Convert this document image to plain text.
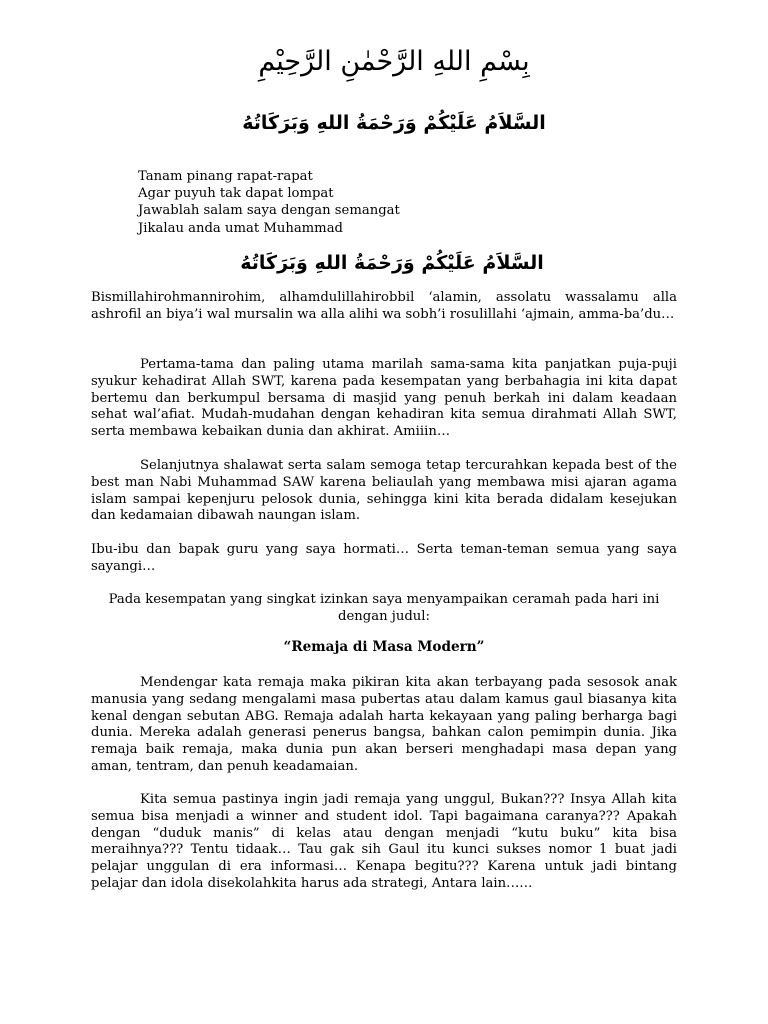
بِسْمِ اللهِ الرَّحْمٰنِ الرَّحِيْمِ
السَّلاَمُ عَلَيْكُمْ وَرَحْمَةُ اللهِ وَبَرَكَاتُهُ
Tanam pinang rapat-rapat
Agar puyuh tak dapat lompat
Jawablah salam saya dengan semangat
Jikalau anda umat Muhammad
السَّلاَمُ عَلَيْكُمْ وَرَحْمَةُ اللهِ وَبَرَكَاتُهُ

Bismillahirohmannirohim, alhamdulillahirobbil ‘alamin, assolatu wassalamu alla ashrofil an biya’i wal mursalin wa alla alihi wa sobh’i rosulillahi ‘ajmain, amma-ba’du…

Pertama-tama dan paling utama marilah sama-sama kita panjatkan puja-puji syukur kehadirat Allah SWT, karena pada kesempatan yang berbahagia ini kita dapat bertemu dan berkumpul bersama di masjid yang penuh berkah ini dalam keadaan sehat wal’afiat. Mudah-mudahan dengan kehadiran kita semua dirahmati Allah SWT, serta membawa kebaikan dunia dan akhirat. Amiiin…

Selanjutnya shalawat serta salam semoga tetap tercurahkan kepada best of the best man Nabi Muhammad SAW karena beliaulah yang membawa misi ajaran agama islam sampai kepenjuru pelosok dunia, sehingga kini kita berada didalam kesejukan dan kedamaian dibawah naungan islam.

Ibu-ibu dan bapak guru yang saya hormati… Serta teman-teman semua yang saya sayangi…

Pada kesempatan yang singkat izinkan saya menyampaikan ceramah pada hari ini dengan judul:

“Remaja di Masa Modern”

Mendengar kata remaja maka pikiran kita akan terbayang pada sesosok anak manusia yang sedang mengalami masa pubertas atau dalam kamus gaul biasanya kita kenal dengan sebutan ABG. Remaja adalah harta kekayaan yang paling berharga bagi dunia. Mereka adalah generasi penerus bangsa, bahkan calon pemimpin dunia. Jika remaja baik remaja, maka dunia pun akan berseri menghadapi masa depan yang aman, tentram, dan penuh keadamaian.

Kita semua pastinya ingin jadi remaja yang unggul, Bukan??? Insya Allah kita semua bisa menjadi a winner and student idol. Tapi bagaimana caranya??? Apakah dengan “duduk manis” di kelas atau dengan menjadi “kutu buku” kita bisa meraihnya??? Tentu tidaak… Tau gak sih Gaul itu kunci sukses nomor 1 buat jadi pelajar unggulan di era informasi… Kenapa begitu??? Karena untuk jadi bintang pelajar dan idola disekolahkita harus ada strategi, Antara lain……
